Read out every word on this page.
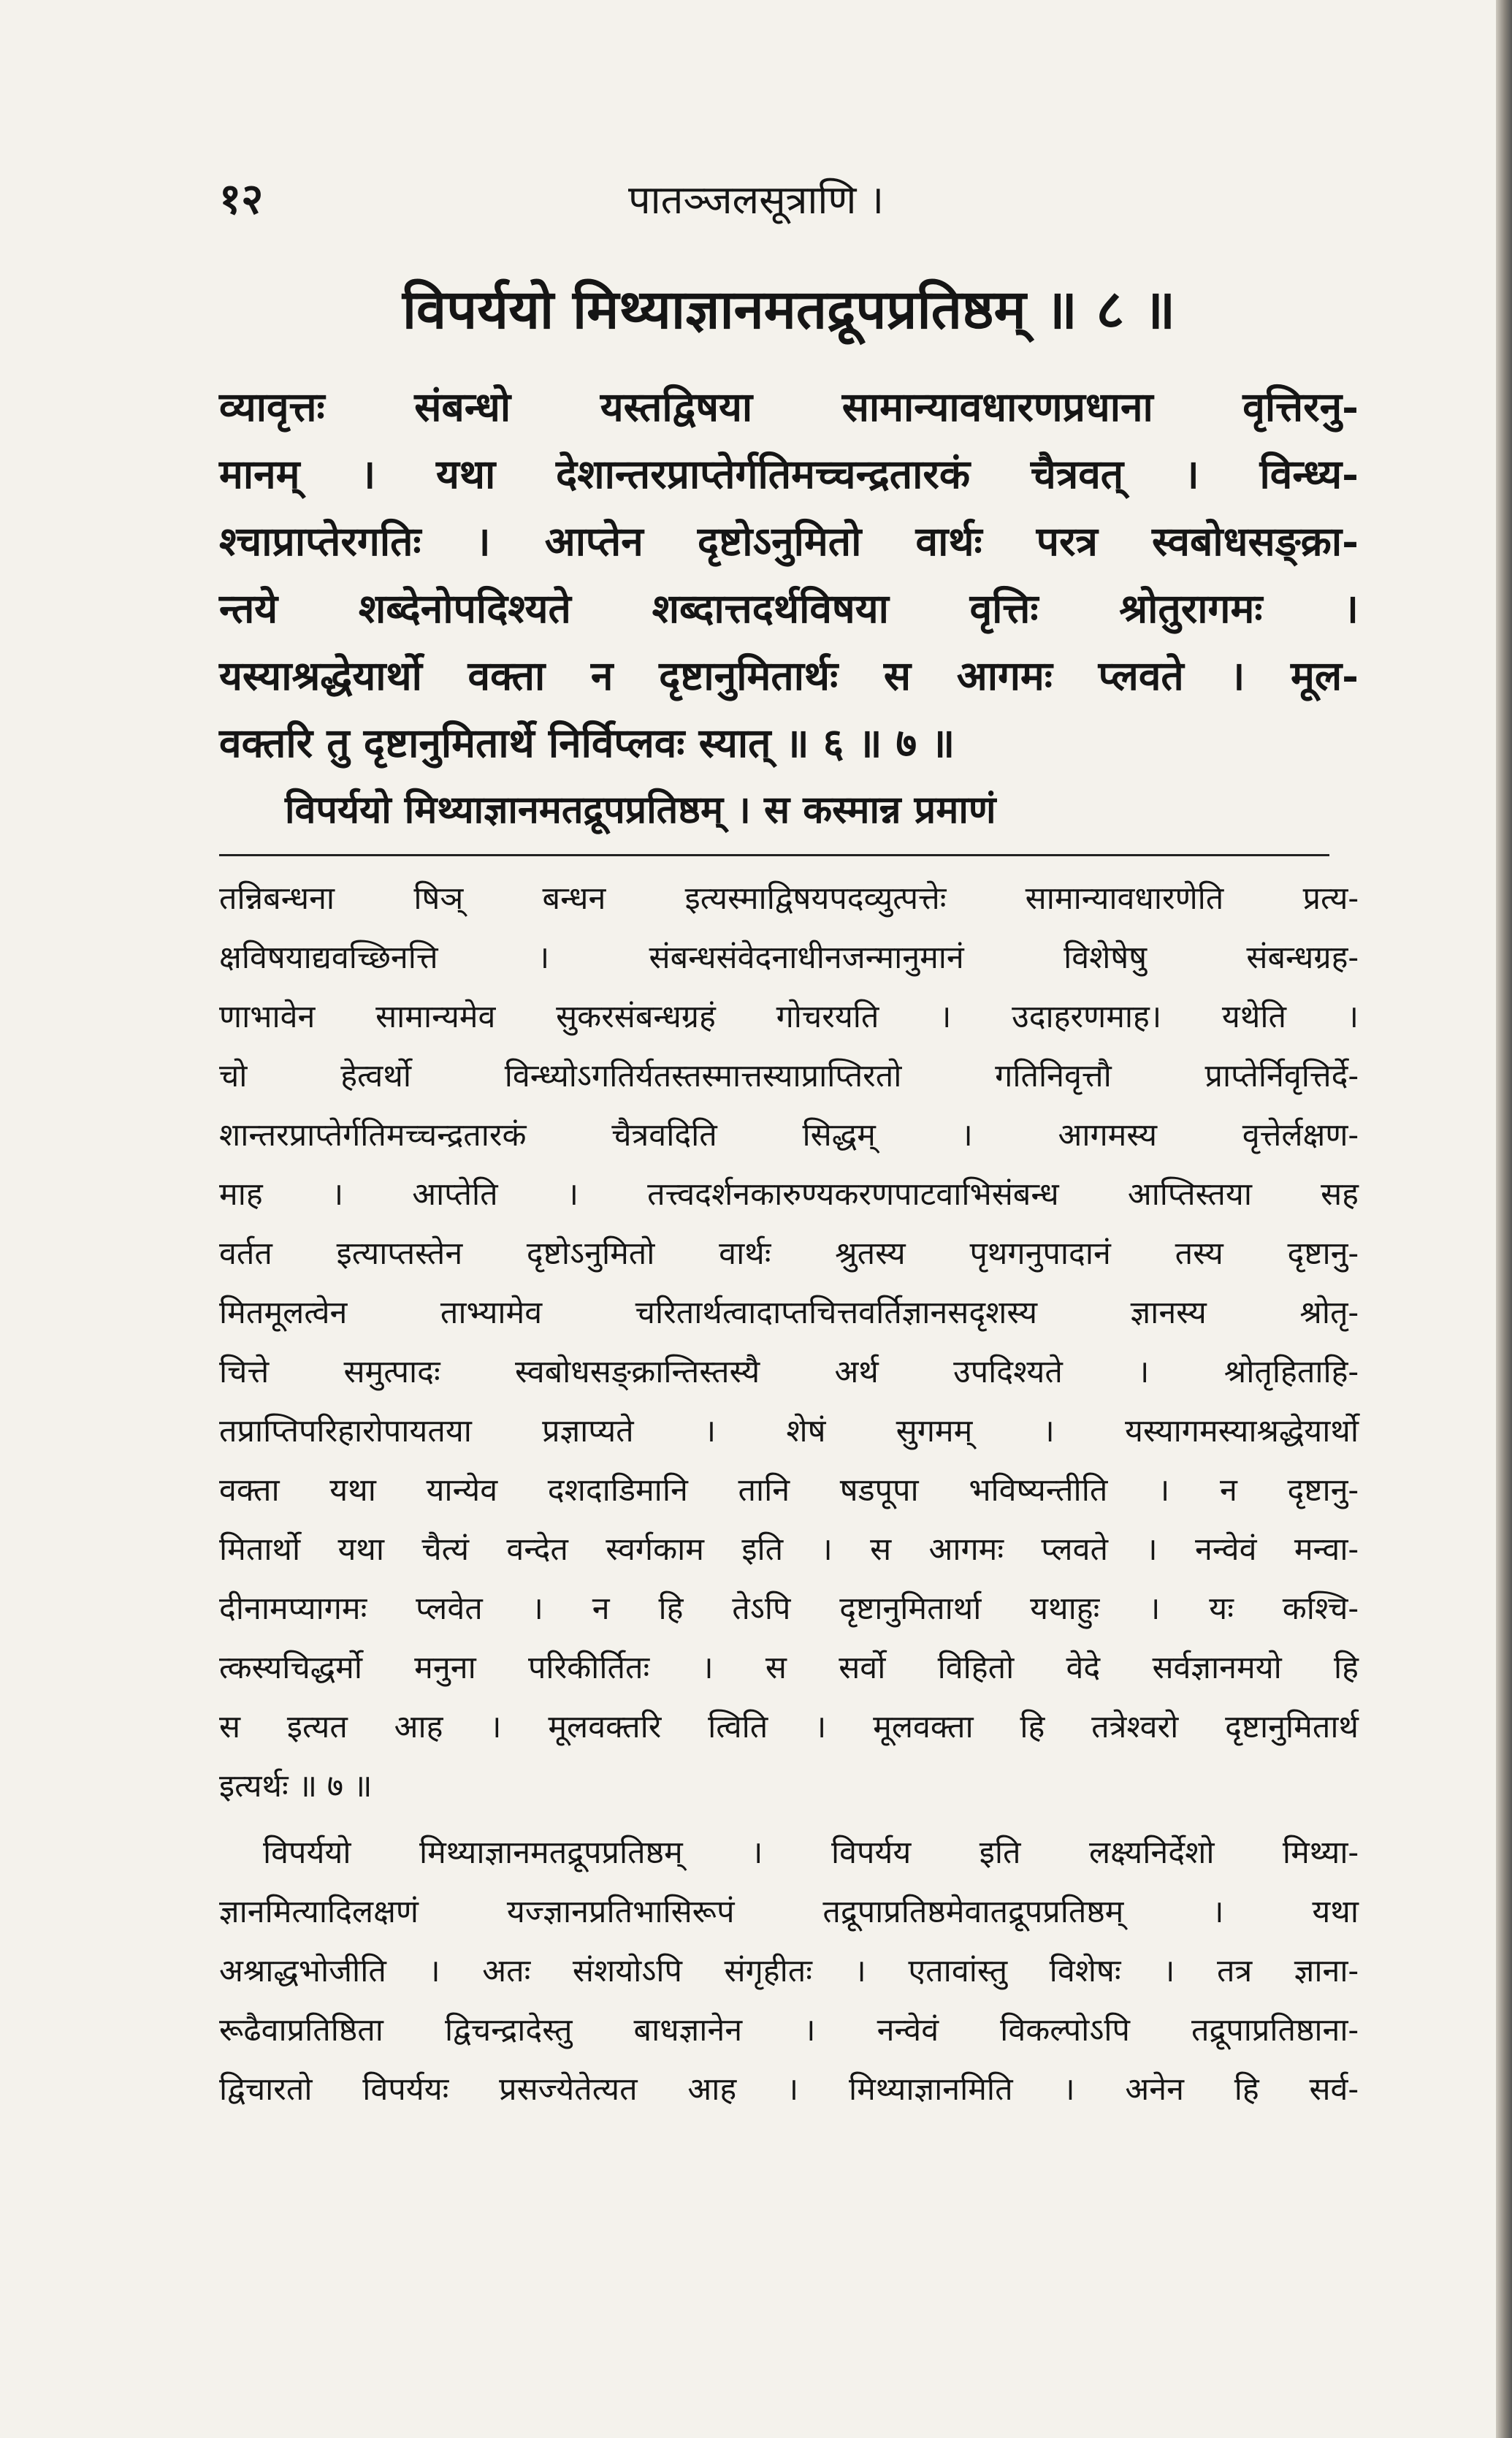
१२	पातञ्जलसूत्राणि ।
विपर्ययो मिथ्याज्ञानमतद्रूपप्रतिष्ठम् ॥ ८ ॥
व्यावृत्तः संबन्धो यस्तद्विषया सामान्यावधारणप्रधाना वृत्तिरनु-
मानम् । यथा देशान्तरप्राप्तेर्गतिमच्चन्द्रतारकं चैत्रवत् । विन्ध्य-
श्चाप्राप्तेरगतिः । आप्तेन दृष्टोऽनुमितो वार्थः परत्र स्वबोधसङ्क्रा-
न्तये शब्देनोपदिश्यते शब्दात्तदर्थविषया वृत्तिः श्रोतुरागमः ।
यस्याश्रद्धेयार्थो वक्ता न दृष्टानुमितार्थः स आगमः प्लवते । मूल-
वक्तरि तु दृष्टानुमितार्थे निर्विप्लवः स्यात् ॥ ६ ॥ ७ ॥
विपर्ययो मिथ्याज्ञानमतद्रूपप्रतिष्ठम् । स कस्मान्न प्रमाणं
तन्निबन्धना षिञ् बन्धन इत्यस्माद्विषयपदव्युत्पत्तेः सामान्यावधारणेति प्रत्य-
क्षविषयाद्यवच्छिनत्ति । संबन्धसंवेदनाधीनजन्मानुमानं विशेषेषु संबन्धग्रह-
णाभावेन सामान्यमेव सुकरसंबन्धग्रहं गोचरयति । उदाहरणमाह। यथेति ।
चो हेत्वर्थो विन्ध्योऽगतिर्यतस्तस्मात्तस्याप्राप्तिरतो गतिनिवृत्तौ प्राप्तेर्निवृत्तिर्दे-
शान्तरप्राप्तेर्गतिमच्चन्द्रतारकं चैत्रवदिति सिद्धम् । आगमस्य वृत्तेर्लक्षण-
माह । आप्तेति । तत्त्वदर्शनकारुण्यकरणपाटवाभिसंबन्ध आप्तिस्तया सह
वर्तत इत्याप्तस्तेन दृष्टोऽनुमितो वार्थः श्रुतस्य पृथगनुपादानं तस्य दृष्टानु-
मितमूलत्वेन ताभ्यामेव चरितार्थत्वादाप्तचित्तवर्तिज्ञानसदृशस्य ज्ञानस्य श्रोतृ-
चित्ते समुत्पादः स्वबोधसङ्क्रान्तिस्तस्यै अर्थ उपदिश्यते । श्रोतृहिताहि-
तप्राप्तिपरिहारोपायतया प्रज्ञाप्यते । शेषं सुगमम् । यस्यागमस्याश्रद्धेयार्थो
वक्ता यथा यान्येव दशदाडिमानि तानि षडपूपा भविष्यन्तीति । न दृष्टानु-
मितार्थो यथा चैत्यं वन्देत स्वर्गकाम इति । स आगमः प्लवते । नन्वेवं मन्वा-
दीनामप्यागमः प्लवेत । न हि तेऽपि दृष्टानुमितार्था यथाहुः । यः कश्चि-
त्कस्यचिद्धर्मो मनुना परिकीर्तितः । स सर्वो विहितो वेदे सर्वज्ञानमयो हि
स इत्यत आह । मूलवक्तरि त्विति । मूलवक्ता हि तत्रेश्वरो दृष्टानुमितार्थ
इत्यर्थः ॥ ७ ॥
विपर्ययो मिथ्याज्ञानमतद्रूपप्रतिष्ठम् । विपर्यय इति लक्ष्यनिर्देशो मिथ्या-
ज्ञानमित्यादिलक्षणं यज्ज्ञानप्रतिभासिरूपं तद्रूपाप्रतिष्ठमेवातद्रूपप्रतिष्ठम् । यथा
अश्राद्धभोजीति । अतः संशयोऽपि संगृहीतः । एतावांस्तु विशेषः । तत्र ज्ञाना-
रूढैवाप्रतिष्ठिता द्विचन्द्रादेस्तु बाधज्ञानेन । नन्वेवं विकल्पोऽपि तद्रूपाप्रतिष्ठाना-
द्विचारतो विपर्ययः प्रसज्येतेत्यत आह । मिथ्याज्ञानमिति । अनेन हि सर्व-
